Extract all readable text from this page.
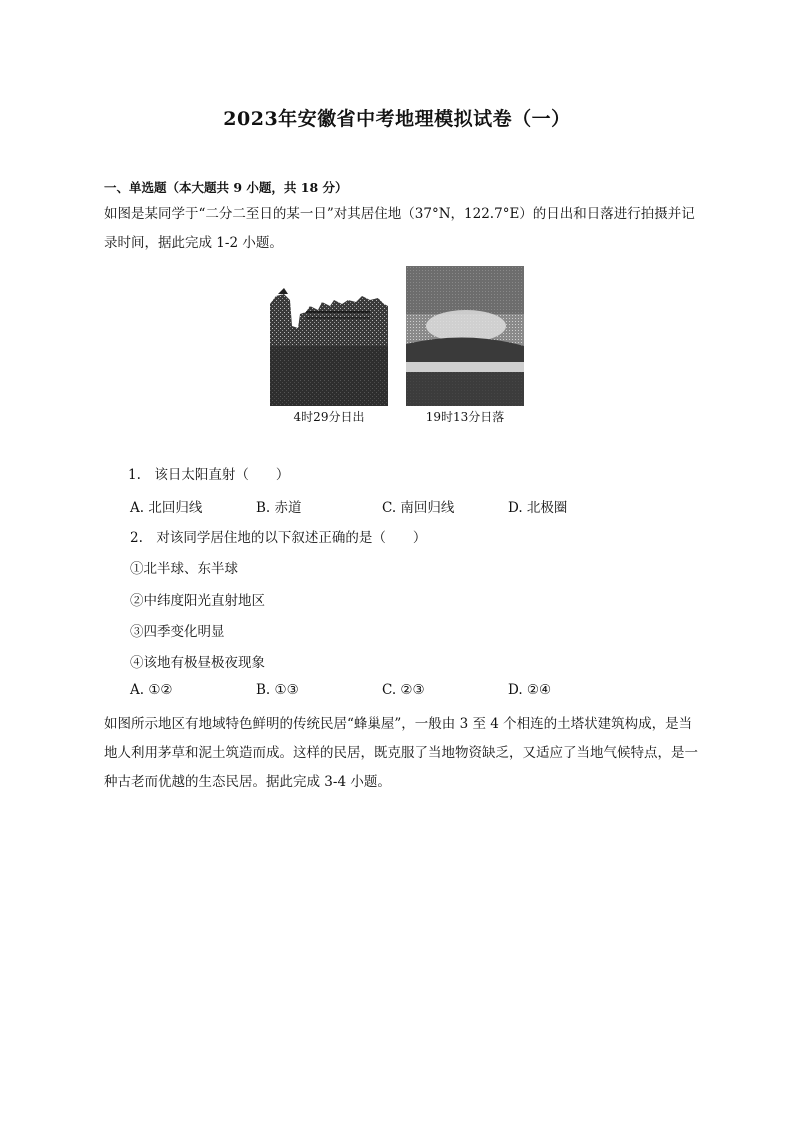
2023年安徽省中考地理模拟试卷（一）
一、单选题（本大题共 9 小题，共 18 分）
如图是某同学于“二分二至日的某一日”对其居住地（37°N，122.7°E）的日出和日落进行拍摄并记录时间，据此完成 1-2 小题。
4时29分日出	19时13分日落
1.　该日太阳直射（　　）
A. 北回归线	B. 赤道	C. 南回归线	D. 北极圈
2.　对该同学居住地的以下叙述正确的是（　　）
①北半球、东半球
②中纬度阳光直射地区
③四季变化明显
④该地有极昼极夜现象
A. ①②	B. ①③	C. ②③	D. ②④
如图所示地区有地域特色鲜明的传统民居“蜂巢屋”，一般由 3 至 4 个相连的土塔状建筑构成，是当地人利用茅草和泥土筑造而成。这样的民居，既克服了当地物资缺乏，又适应了当地气候特点，是一种古老而优越的生态民居。据此完成 3-4 小题。
